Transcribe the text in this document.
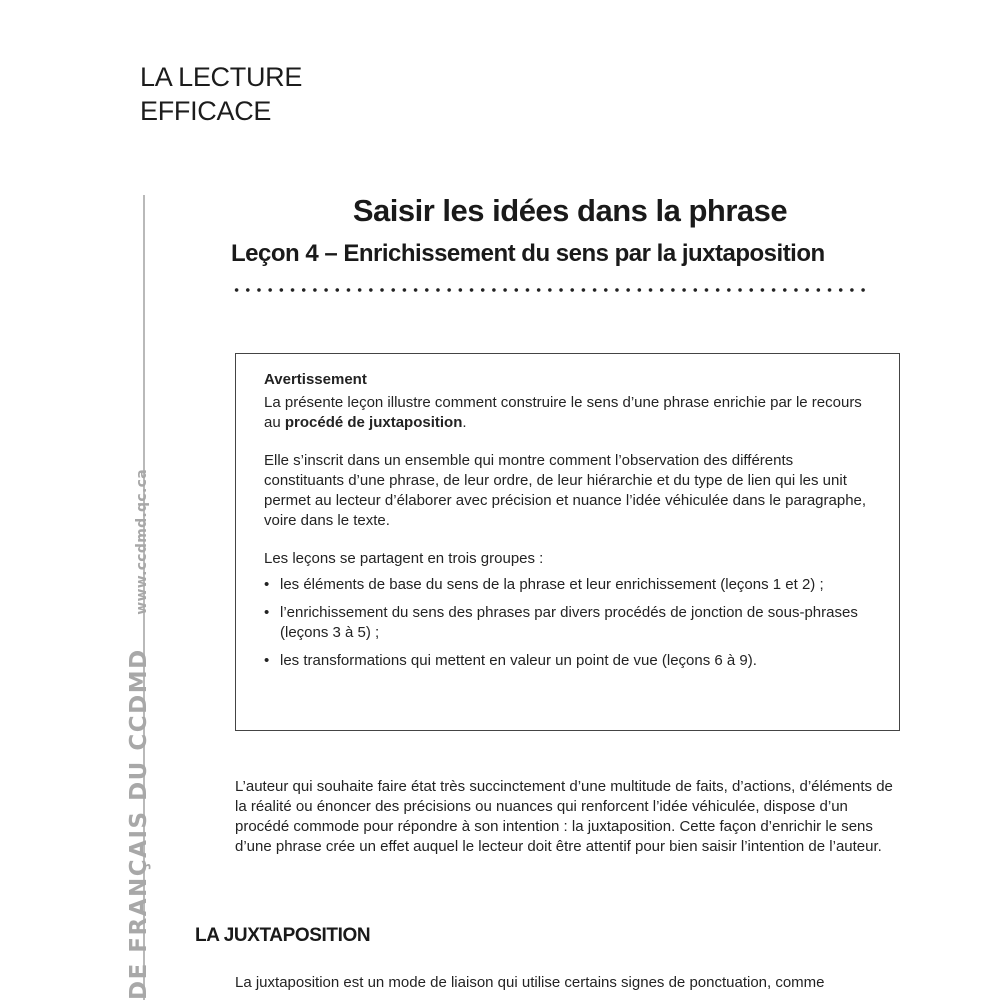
LA LECTURE
EFFICACE
DE FRANÇAIS DU CCDMD www.ccdmd.qc.ca
Saisir les idées dans la phrase
Leçon 4 – Enrichissement du sens par la juxtaposition
Avertissement

La présente leçon illustre comment construire le sens d’une phrase enrichie par le recours au procédé de juxtaposition.

Elle s’inscrit dans un ensemble qui montre comment l’observation des différents constituants d’une phrase, de leur ordre, de leur hiérarchie et du type de lien qui les unit permet au lecteur d’élaborer avec précision et nuance l’idée véhiculée dans le paragraphe, voire dans le texte.

Les leçons se partagent en trois groupes :

• les éléments de base du sens de la phrase et leur enrichissement (leçons 1 et 2) ;
• l’enrichissement du sens des phrases par divers procédés de jonction de sous-phrases (leçons 3 à 5) ;
• les transformations qui mettent en valeur un point de vue (leçons 6 à 9).

L’auteur qui souhaite faire état très succinctement d’une multitude de faits, d’actions, d’éléments de la réalité ou énoncer des précisions ou nuances qui renforcent l’idée véhiculée, dispose d’un procédé commode pour répondre à son intention : la juxtaposition. Cette façon d’enrichir le sens d’une phrase crée un effet auquel le lecteur doit être attentif pour bien saisir l’intention de l’auteur.

LA JUXTAPOSITION

La juxtaposition est un mode de liaison qui utilise certains signes de ponctuation, comme
